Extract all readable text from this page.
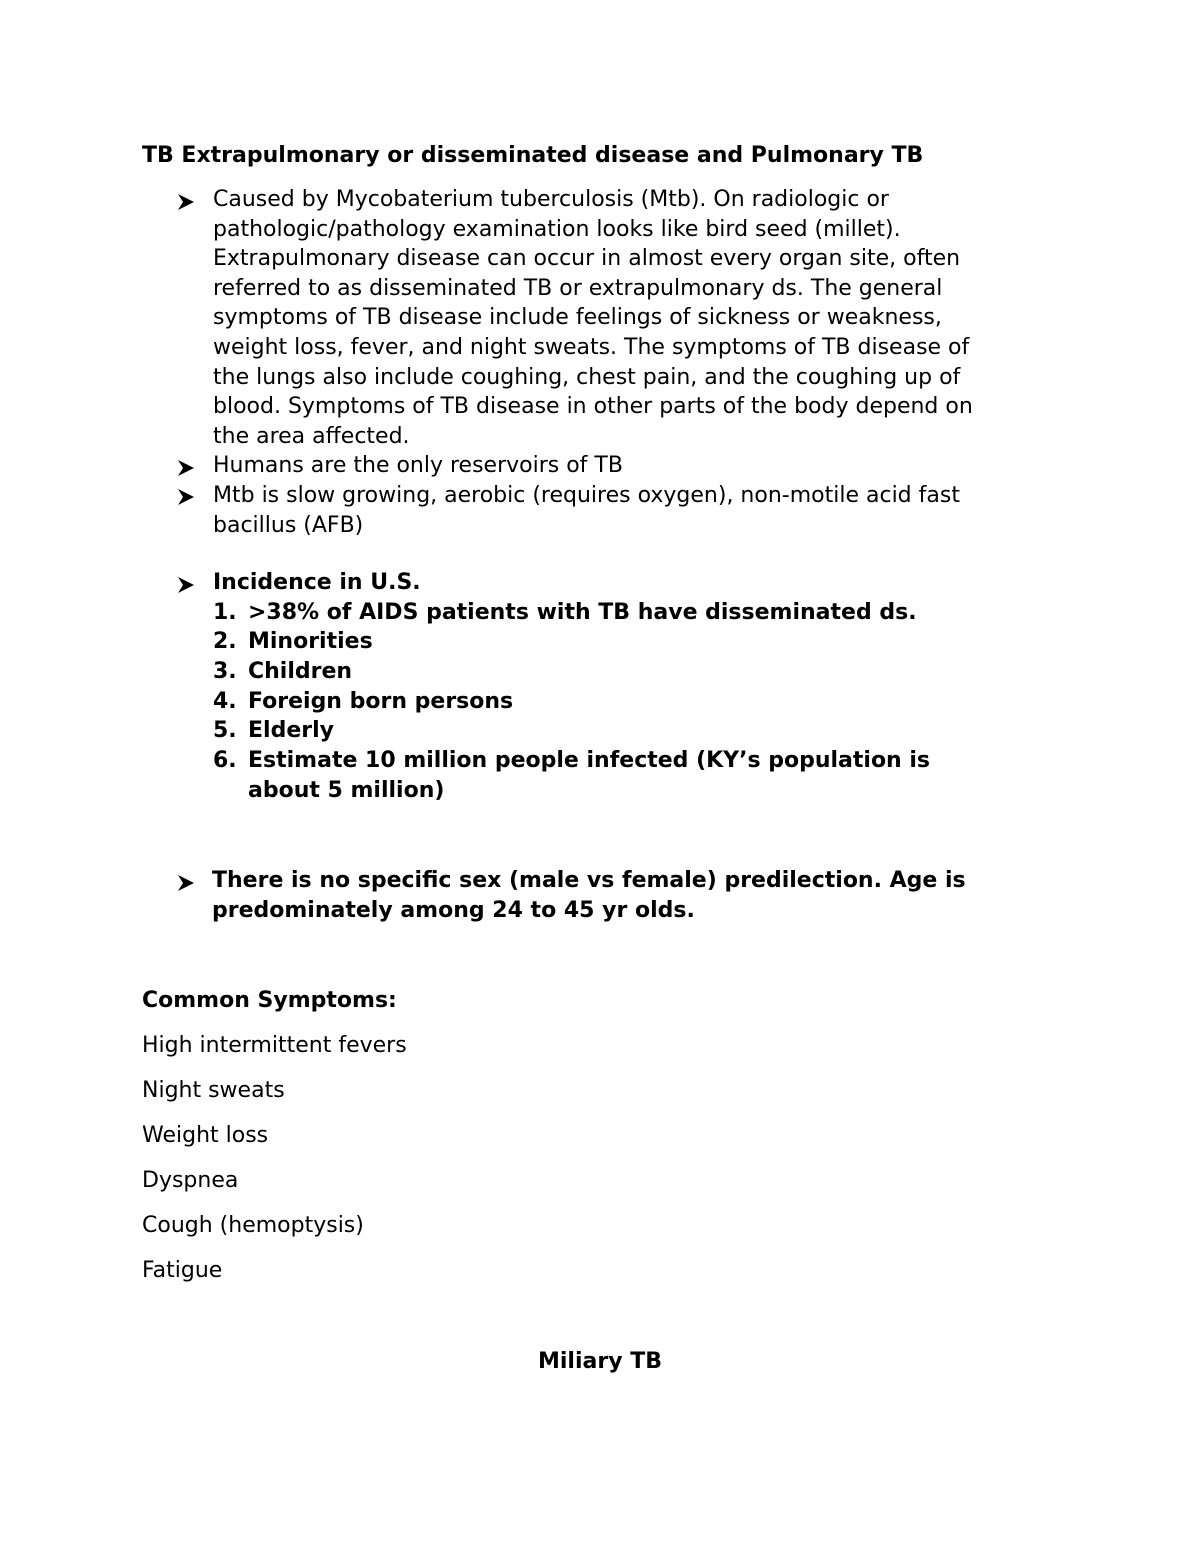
TB Extrapulmonary or disseminated disease and Pulmonary TB
Caused by Mycobaterium tuberculosis (Mtb). On radiologic or
pathologic/pathology examination looks like bird seed (millet).
Extrapulmonary disease can occur in almost every organ site, often
referred to as disseminated TB or extrapulmonary ds. The general
symptoms of TB disease include feelings of sickness or weakness,
weight loss, fever, and night sweats. The symptoms of TB disease of
the lungs also include coughing, chest pain, and the coughing up of
blood. Symptoms of TB disease in other parts of the body depend on
the area affected.
Humans are the only reservoirs of TB
Mtb is slow growing, aerobic (requires oxygen), non-motile acid fast
bacillus (AFB)
Incidence in U.S.
1. >38% of AIDS patients with TB have disseminated ds.
2. Minorities
3. Children
4. Foreign born persons
5. Elderly
6. Estimate 10 million people infected (KY’s population is
about 5 million)
There is no specific sex (male vs female) predilection. Age is
predominately among 24 to 45 yr olds.
Common Symptoms:
High intermittent fevers
Night sweats
Weight loss
Dyspnea
Cough (hemoptysis)
Fatigue
Miliary TB
